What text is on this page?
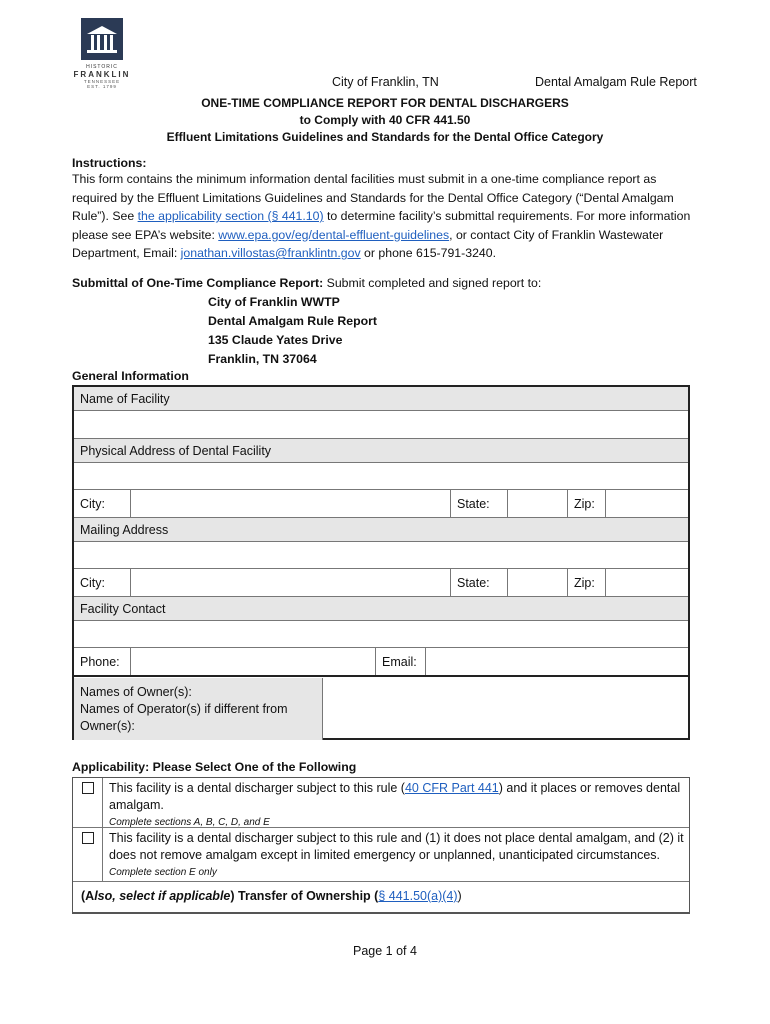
HISTORIC
FRANKLIN
TENNESSEE
EST. 1799	City of Franklin, TN	Dental Amalgam Rule Report
ONE-TIME COMPLIANCE REPORT FOR DENTAL DISCHARGERS
to Comply with 40 CFR 441.50
Effluent Limitations Guidelines and Standards for the Dental Office Category
Instructions:
This form contains the minimum information dental facilities must submit in a one-time compliance report as required by the Effluent Limitations Guidelines and Standards for the Dental Office Category (“Dental Amalgam Rule”). See the applicability section (§ 441.10) to determine facility’s submittal requirements. For more information please see EPA’s website: www.epa.gov/eg/dental-effluent-guidelines, or contact City of Franklin Wastewater Department, Email: jonathan.villostas@franklintn.gov or phone 615-791-3240.
Submittal of One-Time Compliance Report: Submit completed and signed report to:
City of Franklin WWTP
Dental Amalgam Rule Report
135 Claude Yates Drive
Franklin, TN 37064
General Information
Name of Facility
Physical Address of Dental Facility
City:	State:	Zip:
Mailing Address
City:	State:	Zip:
Facility Contact
Phone:	Email:
Names of Owner(s):
Names of Operator(s) if different from Owner(s):
Applicability: Please Select One of the Following
This facility is a dental discharger subject to this rule (40 CFR Part 441) and it places or removes dental amalgam.
Complete sections A, B, C, D, and E
This facility is a dental discharger subject to this rule and (1) it does not place dental amalgam, and (2) it does not remove amalgam except in limited emergency or unplanned, unanticipated circumstances.
Complete section E only
(Also, select if applicable) Transfer of Ownership (§ 441.50(a)(4))
Page 1 of 4
